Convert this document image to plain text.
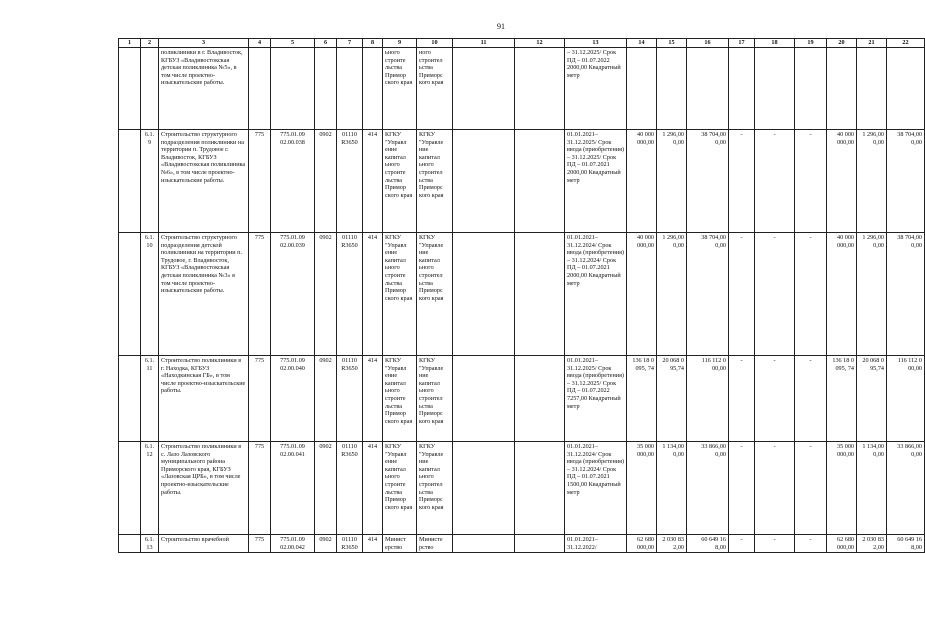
91
1	2	3	4	5	6	7	8	9	10	11	12	13	14	15	16	17	18	19	20	21	22
		поликлиники в г. Владивосток, КГБУЗ «Владивостокская детская поликлиника №5», в том числе проектно-изыскательские работы.						ьного строите льства Примор ского края	ного строител ьства Приморс кого края			– 31.12.2025/ Срок ПД – 01.07.2022 2000,00 Квадратный метр									
	6.1. 9	Строительство структурного подразделения поликлиники на территории п. Трудовое г. Владивосток, КГБУЗ «Владивостокская поликлиника №6», в том числе проектно-изыскательские работы.	775	775.01.09 02.00.038	0902	01110 R3650	414	КГКУ "Управл ение капитал ьного строите льства Примор ского края	КГКУ "Управле ние капитал ьного строител ьства Приморс кого края			01.01.2021– 31.12.2025/ Срок ввода (приобретения) – 31.12.2025/ Срок ПД – 01.07.2021 2000,00 Квадратный метр	40 000 000,00	1 296,00 0,00	38 704,00 0,00	-	-	-	40 000 000,00	1 296,00 0,00	38 704,00 0,00
	6.1. 10	Строительство структурного подразделения детской поликлиники на территории п. Трудовое, г. Владивосток, КГБУЗ «Владивостокская детская поликлиника №3» в том числе проектно-изыскательские работы.	775	775.01.09 02.00.039	0902	01110 R3650	414	КГКУ "Управл ение капитал ьного строите льства Примор ского края	КГКУ "Управле ние капитал ьного строител ьства Приморс кого края			01.01.2021– 31.12.2024/ Срок ввода (приобретения) – 31.12.2024/ Срок ПД – 01.07.2021 2000,00 Квадратный метр	40 000 000,00	1 296,00 0,00	38 704,00 0,00	-	-	-	40 000 000,00	1 296,00 0,00	38 704,00 0,00
	6.1. 11	Строительство поликлиники в г. Находка, КГБУЗ «Находкинская ГБ», в том числе проектно-изыскательские работы.	775	775.01.09 02.00.040	0902	01110 R3650	414	КГКУ "Управл ение капитал ьного строите льства Примор ского края	КГКУ "Управле ние капитал ьного строител ьства Приморс кого края			01.01.2021– 31.12.2025/ Срок ввода (приобретения) – 31.12.2025/ Срок ПД – 01.07.2022 7257,00 Квадратный метр	136 18 0 095, 74	20 068 0 95,74	116 112 0 00,00	-	-	-	136 18 0 095, 74	20 068 0 95,74	116 112 0 00,00
	6.1. 12	Строительство поликлиники в с. Лазо Лазовского муниципального района Приморского края, КГБУЗ «Лазовская ЦРБ», в том числе проектно-изыскательские работы.	775	775.01.09 02.00.041	0902	01110 R3650	414	КГКУ "Управл ение капитал ьного строите льства Примор ского края	КГКУ "Управле ние капитал ьного строител ьства Приморс кого края			01.01.2021– 31.12.2024/ Срок ввода (приобретения) – 31.12.2024/ Срок ПД – 01.07.2021 1500,00 Квадратный метр	35 000 000,00	1 134,00 0,00	33 866,00 0,00	-	-	-	35 000 000,00	1 134,00 0,00	33 866,00 0,00
	6.1. 13	Строительство врачебной	775	775.01.09 02.00.042	0902	01110 R3650	414	Минист ерство	Министе рство			01.01.2021– 31.12.2022/	62 680 000,00	2 030 83 2,00	60 649 16 8,00	-	-	-	62 680 000,00	2 030 83 2,00	60 649 16 8,00
